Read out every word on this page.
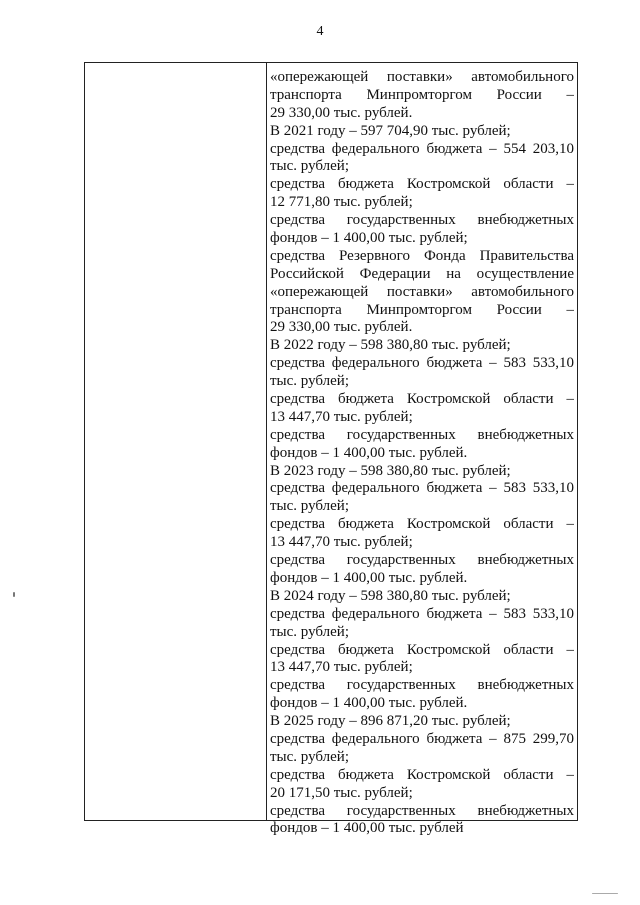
4
«опережающей поставки» автомобильного
транспорта Минпромторгом России –
29 330,00 тыс. рублей.
В 2021 году – 597 704,90 тыс. рублей;
средства федерального бюджета – 554 203,10
тыс. рублей;
средства бюджета Костромской области –
12 771,80 тыс. рублей;
средства государственных внебюджетных
фондов – 1 400,00 тыс. рублей;
средства Резервного Фонда Правительства
Российской Федерации на осуществление
«опережающей поставки» автомобильного
транспорта Минпромторгом России –
29 330,00 тыс. рублей.
В 2022 году – 598 380,80 тыс. рублей;
средства федерального бюджета – 583 533,10
тыс. рублей;
средства бюджета Костромской области –
13 447,70 тыс. рублей;
средства государственных внебюджетных
фондов – 1 400,00 тыс. рублей.
В 2023 году – 598 380,80 тыс. рублей;
средства федерального бюджета – 583 533,10
тыс. рублей;
средства бюджета Костромской области –
13 447,70 тыс. рублей;
средства государственных внебюджетных
фондов – 1 400,00 тыс. рублей.
В 2024 году – 598 380,80 тыс. рублей;
средства федерального бюджета – 583 533,10
тыс. рублей;
средства бюджета Костромской области –
13 447,70 тыс. рублей;
средства государственных внебюджетных
фондов – 1 400,00 тыс. рублей.
В 2025 году – 896 871,20 тыс. рублей;
средства федерального бюджета – 875 299,70
тыс. рублей;
средства бюджета Костромской области –
20 171,50 тыс. рублей;
средства государственных внебюджетных
фондов – 1 400,00 тыс. рублей
